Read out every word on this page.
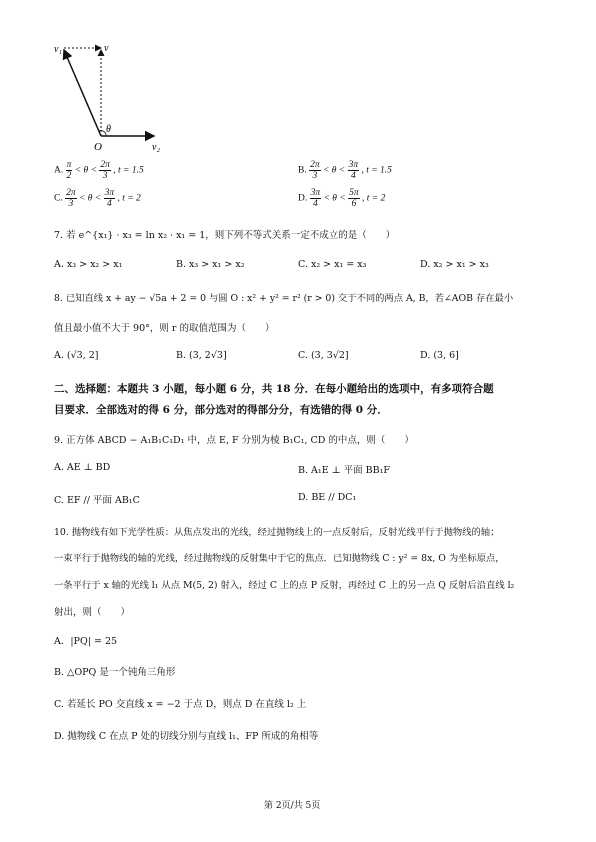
v₁	v
θ
O	v₂
A. $\frac{\pi}{2} < \theta < \frac{2\pi}{3}$ , t = 1.5	B. $\frac{2\pi}{3} < \theta < \frac{3\pi}{4}$ , t = 1.5
C. $\frac{2\pi}{3} < \theta < \frac{3\pi}{4}$ , t = 2	D. $\frac{3\pi}{4} < \theta < \frac{5\pi}{6}$ , t = 2
7. 若 e^{x₁} · x₃ = ln x₂ · x₁ = 1，则下列不等式关系一定不成立的是（　　）
A. x₃ > x₂ > x₁	B. x₃ > x₁ > x₂	C. x₂ > x₁ = x₃	D. x₂ > x₁ > x₃
8. 已知直线 x + ay − √5a + 2 = 0 与圆 O : x² + y² = r² (r > 0) 交于不同的两点 A, B，若∠AOB 存在最小
值且最小值不大于 90°，则 r 的取值范围为（　　）
A. (√3, 2]	B. (3, 2√3]	C. (3, 3√2]	D. (3, 6]
二、选择题：本题共 3 小题，每小题 6 分，共 18 分．在每小题给出的选项中，有多项符合题
目要求．全部选对的得 6 分，部分选对的得部分分，有选错的得 0 分．
9. 正方体 ABCD − A₁B₁C₁D₁ 中，点 E, F 分别为棱 B₁C₁, CD 的中点，则（　　）
A. AE ⊥ BD	B. A₁E ⊥ 平面 BB₁F
C. EF // 平面 AB₁C	D. BE // DC₁
10. 抛物线有如下光学性质：从焦点发出的光线，经过抛物线上的一点反射后，反射光线平行于抛物线的轴；
一束平行于抛物线的轴的光线，经过抛物线的反射集中于它的焦点．已知抛物线 C : y² = 8x, O 为坐标原点，
一条平行于 x 轴的光线 l₁ 从点 M(5, 2) 射入，经过 C 上的点 P 反射，再经过 C 上的另一点 Q 反射后沿直线 l₂
射出，则（　　）
A．|PQ| = 25
B. △OPQ 是一个钝角三角形
C. 若延长 PO 交直线 x = −2 于点 D，则点 D 在直线 l₂ 上
D. 抛物线 C 在点 P 处的切线分别与直线 l₁、FP 所成的角相等
第 2页/共 5页
